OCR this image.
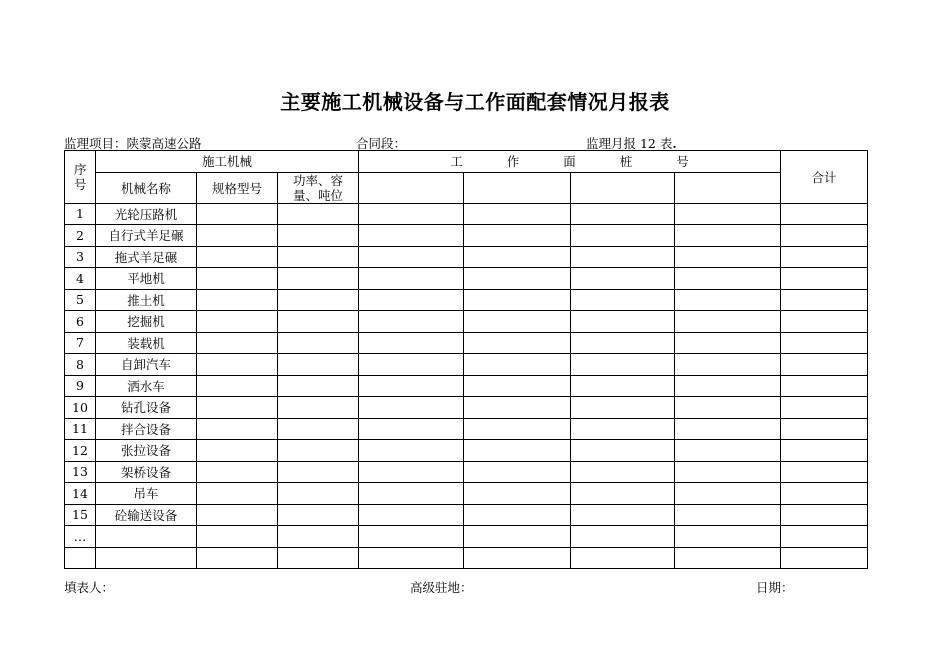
主要施工机械设备与工作面配套情况月报表
监理项目：陕蒙高速公路	合同段：	监理月报 12 表.
序号	施工机械			工 作 面 桩 号				合计
	机械名称	规格型号	功率、容量、吨位					
1	光轮压路机							
2	自行式羊足碾							
3	拖式羊足碾							
4	平地机							
5	推土机							
6	挖掘机							
7	装载机							
8	自卸汽车							
9	洒水车							
10	钻孔设备							
11	拌合设备							
12	张拉设备							
13	架桥设备							
14	吊车							
15	砼输送设备							
…								

填表人：	高级驻地：	日期：
